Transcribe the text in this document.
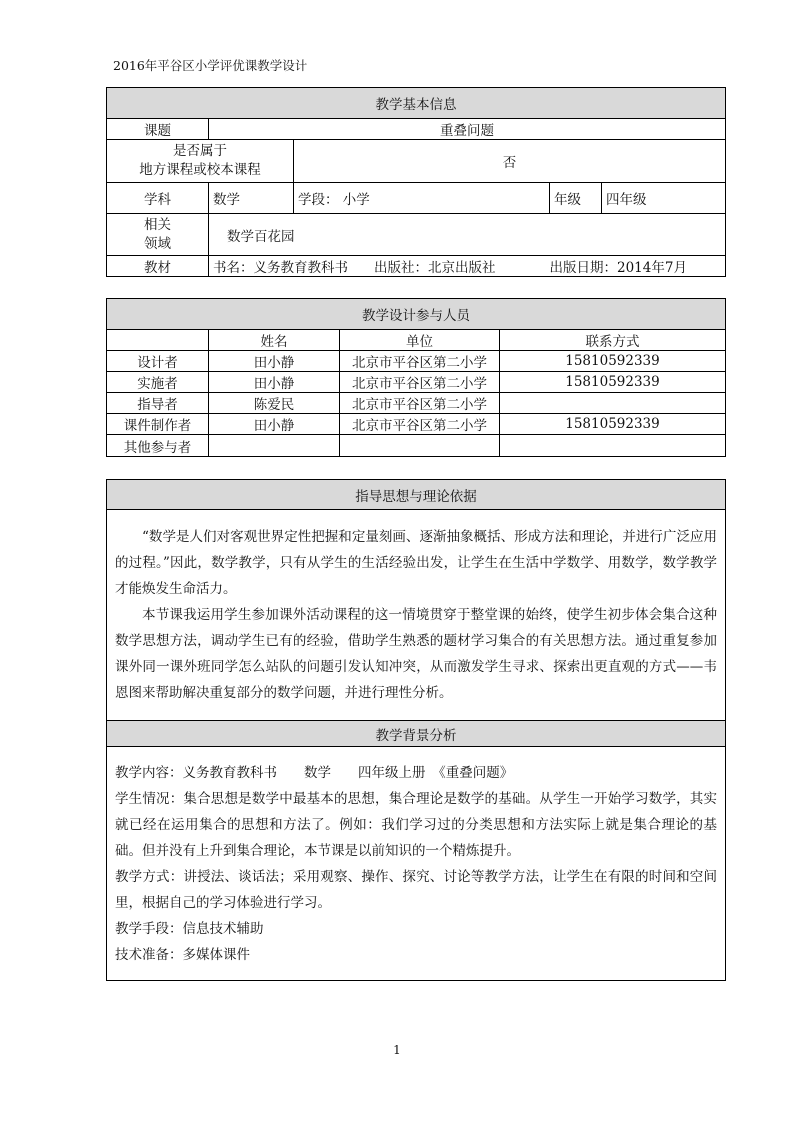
2016年平谷区小学评优课教学设计
教学基本信息				
课题	重叠问题			

是否属于
地方课程或校本课程		否		
学科	数学	学段： 小学	年级	四年级

相关
领域	数学百花园			
教材	书名：义务教育教科书 出版社：北京出版社 出版日期：2014年7月			
教学设计参与人员			
	姓名	单位	联系方式
设计者	田小静	北京市平谷区第二小学	15810592339
实施者	田小静	北京市平谷区第二小学	15810592339
指导者	陈爱民	北京市平谷区第二小学	
课件制作者	田小静	北京市平谷区第二小学	15810592339
其他参与者			
指导思想与理论依据

“数学是人们对客观世界定性把握和定量刻画、逐渐抽象概括、形成方法和理论，并进行广泛应用的过程。”因此，数学教学，只有从学生的生活经验出发，让学生在生活中学数学、用数学，数学教学才能焕发生命活力。

本节课我运用学生参加课外活动课程的这一情境贯穿于整堂课的始终，使学生初步体会集合这种数学思想方法，调动学生已有的经验，借助学生熟悉的题材学习集合的有关思想方法。通过重复参加课外同一课外班同学怎么站队的问题引发认知冲突，从而激发学生寻求、探索出更直观的方式——韦恩图来帮助解决重复部分的数学问题，并进行理性分析。

教学背景分析

教学内容：义务教育教科书　　数学　　四年级上册　《重叠问题》

学生情况：集合思想是数学中最基本的思想，集合理论是数学的基础。从学生一开始学习数学，其实就已经在运用集合的思想和方法了。例如：我们学习过的分类思想和方法实际上就是集合理论的基础。但并没有上升到集合理论，本节课是以前知识的一个精炼提升。

教学方式：讲授法、谈话法；采用观察、操作、探究、讨论等教学方法，让学生在有限的时间和空间里，根据自己的学习体验进行学习。

教学手段：信息技术辅助

技术准备：多媒体课件

1
